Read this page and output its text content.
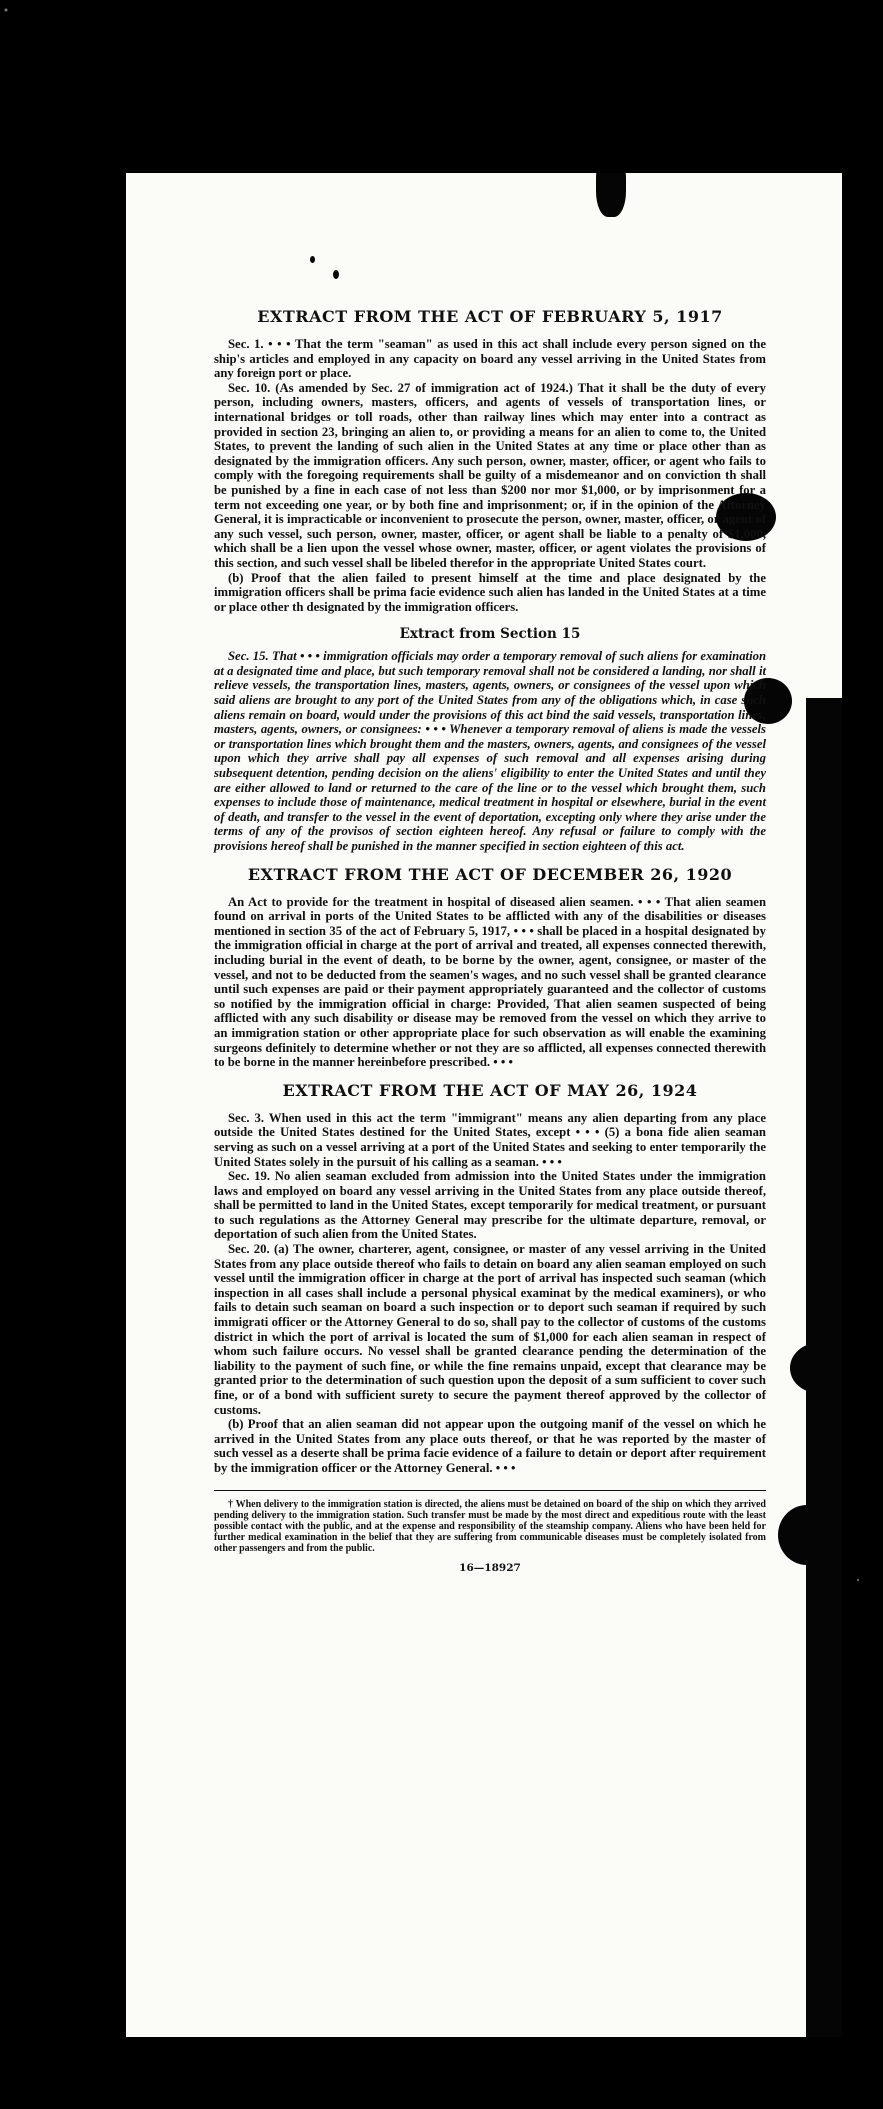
EXTRACT FROM THE ACT OF FEBRUARY 5, 1917

Sec. 1. • • • That the term "seaman" as used in this act shall include every person signed on the ship's articles and employed in any capacity on board any vessel arriving in the United States from any foreign port or place.

Sec. 10. (As amended by Sec. 27 of immigration act of 1924.) That it shall be the duty of every person, including owners, masters, officers, and agents of vessels of transportation lines, or international bridges or toll roads, other than railway lines which may enter into a contract as provided in section 23, bringing an alien to, or providing a means for an alien to come to, the United States, to prevent the landing of such alien in the United States at any time or place other than as designated by the immigration officers. Any such person, owner, master, officer, or agent who fails to comply with the foregoing requirements shall be guilty of a misdemeanor and on conviction th shall be punished by a fine in each case of not less than $200 nor mor $1,000, or by imprisonment for a term not exceeding one year, or by both fine and imprisonment; or, if in the opinion of the Attorney General, it is impracticable or inconvenient to prosecute the person, owner, master, officer, or agent of any such vessel, such person, owner, master, officer, or agent shall be liable to a penalty of $1,000, which shall be a lien upon the vessel whose owner, master, officer, or agent violates the provisions of this section, and such vessel shall be libeled therefor in the appropriate United States court.

(b) Proof that the alien failed to present himself at the time and place designated by the immigration officers shall be prima facie evidence such alien has landed in the United States at a time or place other th designated by the immigration officers.

Extract from Section 15

Sec. 15. That • • • immigration officials may order a temporary removal of such aliens for examination at a designated time and place, but such temporary removal shall not be considered a landing, nor shall it relieve vessels, the transportation lines, masters, agents, owners, or consignees of the vessel upon which said aliens are brought to any port of the United States from any of the obligations which, in case such aliens remain on board, would under the provisions of this act bind the said vessels, transportation lines, masters, agents, owners, or consignees: • • • Whenever a temporary removal of aliens is made the vessels or transportation lines which brought them and the masters, owners, agents, and consignees of the vessel upon which they arrive shall pay all expenses of such removal and all expenses arising during subsequent detention, pending decision on the aliens' eligibility to enter the United States and until they are either allowed to land or returned to the care of the line or to the vessel which brought them, such expenses to include those of maintenance, medical treatment in hospital or elsewhere, burial in the event of death, and transfer to the vessel in the event of deportation, excepting only where they arise under the terms of any of the provisos of section eighteen hereof. Any refusal or failure to comply with the provisions hereof shall be punished in the manner specified in section eighteen of this act.

EXTRACT FROM THE ACT OF DECEMBER 26, 1920

An Act to provide for the treatment in hospital of diseased alien seamen. • • • That alien seamen found on arrival in ports of the United States to be afflicted with any of the disabilities or diseases mentioned in section 35 of the act of February 5, 1917, • • • shall be placed in a hospital designated by the immigration official in charge at the port of arrival and treated, all expenses connected therewith, including burial in the event of death, to be borne by the owner, agent, consignee, or master of the vessel, and not to be deducted from the seamen's wages, and no such vessel shall be granted clearance until such expenses are paid or their payment appropriately guaranteed and the collector of customs so notified by the immigration official in charge: Provided, That alien seamen suspected of being afflicted with any such disability or disease may be removed from the vessel on which they arrive to an immigration station or other appropriate place for such observation as will enable the examining surgeons definitely to determine whether or not they are so afflicted, all expenses connected therewith to be borne in the manner hereinbefore prescribed. • • •

EXTRACT FROM THE ACT OF MAY 26, 1924

Sec. 3. When used in this act the term "immigrant" means any alien departing from any place outside the United States destined for the United States, except • • • (5) a bona fide alien seaman serving as such on a vessel arriving at a port of the United States and seeking to enter temporarily the United States solely in the pursuit of his calling as a seaman. • • •

Sec. 19. No alien seaman excluded from admission into the United States under the immigration laws and employed on board any vessel arriving in the United States from any place outside thereof, shall be permitted to land in the United States, except temporarily for medical treatment, or pursuant to such regulations as the Attorney General may prescribe for the ultimate departure, removal, or deportation of such alien from the United States.

Sec. 20. (a) The owner, charterer, agent, consignee, or master of any vessel arriving in the United States from any place outside thereof who fails to detain on board any alien seaman employed on such vessel until the immigration officer in charge at the port of arrival has inspected such seaman (which inspection in all cases shall include a personal physical examinat by the medical examiners), or who fails to detain such seaman on board a such inspection or to deport such seaman if required by such immigrati officer or the Attorney General to do so, shall pay to the collector of customs of the customs district in which the port of arrival is located the sum of $1,000 for each alien seaman in respect of whom such failure occurs. No vessel shall be granted clearance pending the determination of the liability to the payment of such fine, or while the fine remains unpaid, except that clearance may be granted prior to the determination of such question upon the deposit of a sum sufficient to cover such fine, or of a bond with sufficient surety to secure the payment thereof approved by the collector of customs.

(b) Proof that an alien seaman did not appear upon the outgoing manif of the vessel on which he arrived in the United States from any place outs thereof, or that he was reported by the master of such vessel as a deserte shall be prima facie evidence of a failure to detain or deport after requirement by the immigration officer or the Attorney General. • • •

† When delivery to the immigration station is directed, the aliens must be detained on board of the ship on which they arrived pending delivery to the immigration station. Such transfer must be made by the most direct and expeditious route with the least possible contact with the public, and at the expense and responsibility of the steamship company. Aliens who have been held for further medical examination in the belief that they are suffering from communicable diseases must be completely isolated from other passengers and from the public.

16—18927
